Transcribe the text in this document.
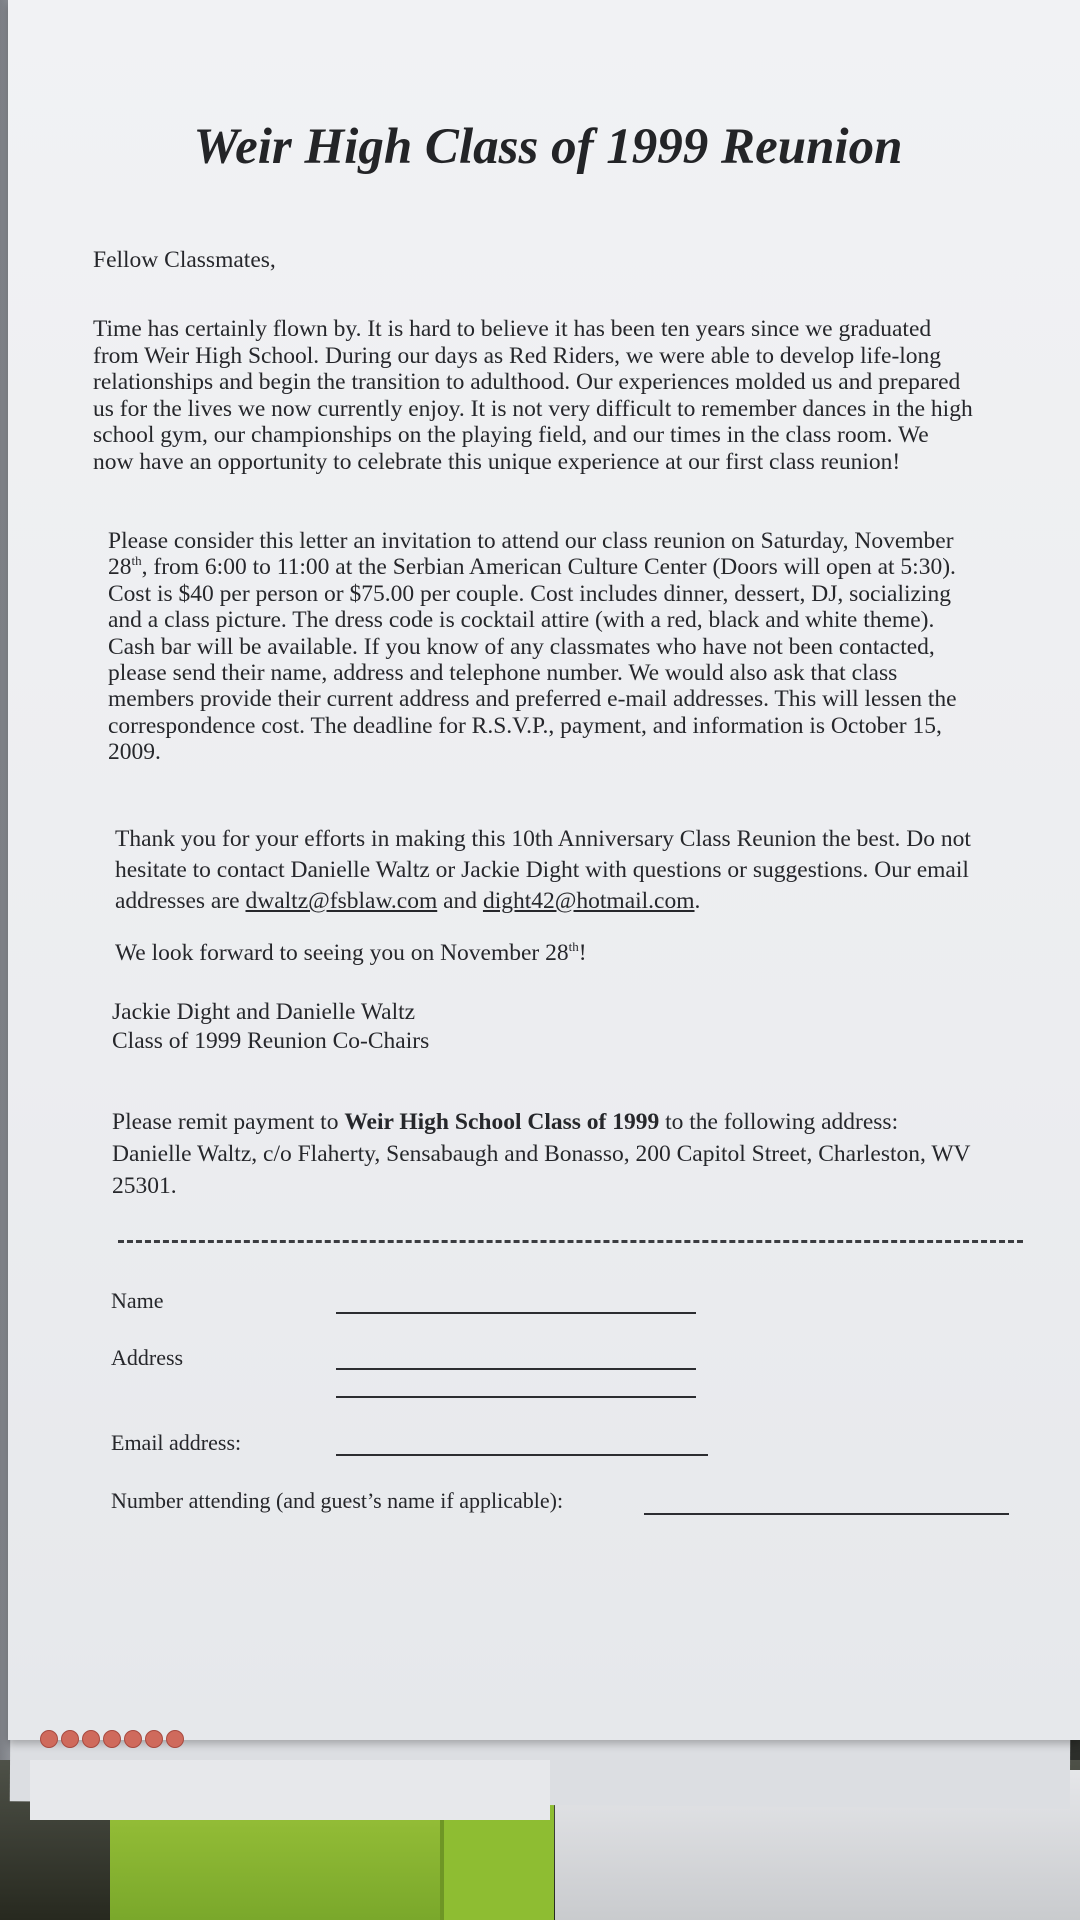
Weir High Class of 1999 Reunion
Fellow Classmates,
Time has certainly flown by. It is hard to believe it has been ten years since we graduated
from Weir High School. During our days as Red Riders, we were able to develop life-long
relationships and begin the transition to adulthood. Our experiences molded us and prepared
us for the lives we now currently enjoy. It is not very difficult to remember dances in the high
school gym, our championships on the playing field, and our times in the class room. We
now have an opportunity to celebrate this unique experience at our first class reunion!
Please consider this letter an invitation to attend our class reunion on Saturday, November
28th, from 6:00 to 11:00 at the Serbian American Culture Center (Doors will open at 5:30).
Cost is $40 per person or $75.00 per couple. Cost includes dinner, dessert, DJ, socializing
and a class picture. The dress code is cocktail attire (with a red, black and white theme).
Cash bar will be available. If you know of any classmates who have not been contacted,
please send their name, address and telephone number. We would also ask that class
members provide their current address and preferred e-mail addresses. This will lessen the
correspondence cost. The deadline for R.S.V.P., payment, and information is October 15,
2009.
Thank you for your efforts in making this 10th Anniversary Class Reunion the best. Do not
hesitate to contact Danielle Waltz or Jackie Dight with questions or suggestions. Our email
addresses are dwaltz@fsblaw.com and dight42@hotmail.com.
We look forward to seeing you on November 28th!
Jackie Dight and Danielle Waltz
Class of 1999 Reunion Co-Chairs
Please remit payment to Weir High School Class of 1999 to the following address:
Danielle Waltz, c/o Flaherty, Sensabaugh and Bonasso, 200 Capitol Street, Charleston, WV
25301.
Name
Address
Email address:
Number attending (and guest’s name if applicable):
